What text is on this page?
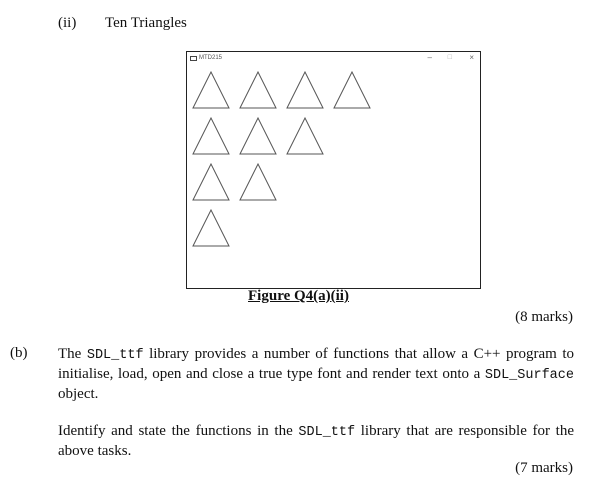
(ii) Ten Triangles
MTD215	– □ ×
Figure Q4(a)(ii)
(8 marks)
(b) The SDL_ttf library provides a number of functions that allow a C++ program to initialise, load, open and close a true type font and render text onto a SDL_Surface object.
Identify and state the functions in the SDL_ttf library that are responsible for the above tasks.
(7 marks)
